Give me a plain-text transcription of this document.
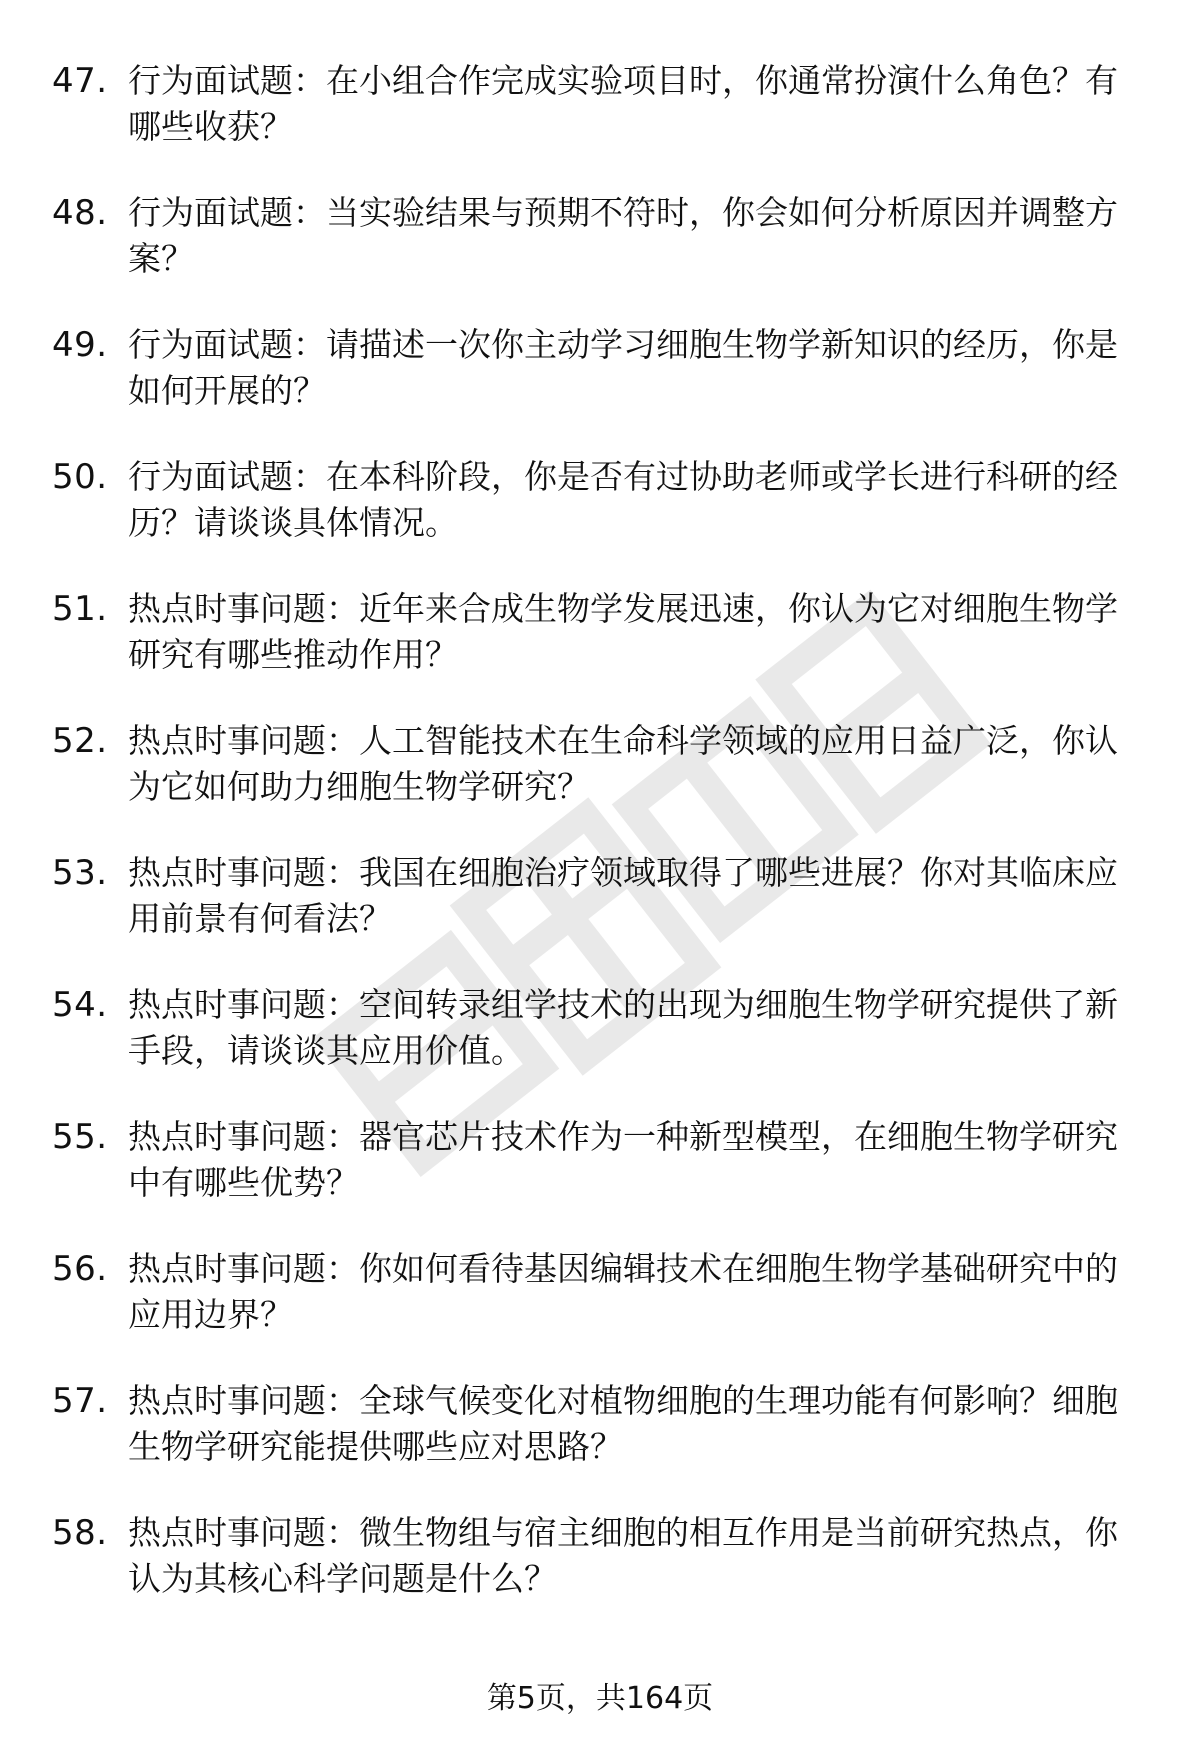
47. 行为面试题：在小组合作完成实验项目时，你通常扮演什么角色？有哪些收获？
48. 行为面试题：当实验结果与预期不符时，你会如何分析原因并调整方案？
49. 行为面试题：请描述一次你主动学习细胞生物学新知识的经历，你是如何开展的？
50. 行为面试题：在本科阶段，你是否有过协助老师或学长进行科研的经历？请谈谈具体情况。
51. 热点时事问题：近年来合成生物学发展迅速，你认为它对细胞生物学研究有哪些推动作用？
52. 热点时事问题：人工智能技术在生命科学领域的应用日益广泛，你认为它如何助力细胞生物学研究？
53. 热点时事问题：我国在细胞治疗领域取得了哪些进展？你对其临床应用前景有何看法？
54. 热点时事问题：空间转录组学技术的出现为细胞生物学研究提供了新手段，请谈谈其应用价值。
55. 热点时事问题：器官芯片技术作为一种新型模型，在细胞生物学研究中有哪些优势？
56. 热点时事问题：你如何看待基因编辑技术在细胞生物学基础研究中的应用边界？
57. 热点时事问题：全球气候变化对植物细胞的生理功能有何影响？细胞生物学研究能提供哪些应对思路？
58. 热点时事问题：微生物组与宿主细胞的相互作用是当前研究热点，你认为其核心科学问题是什么？
第5页，共164页
